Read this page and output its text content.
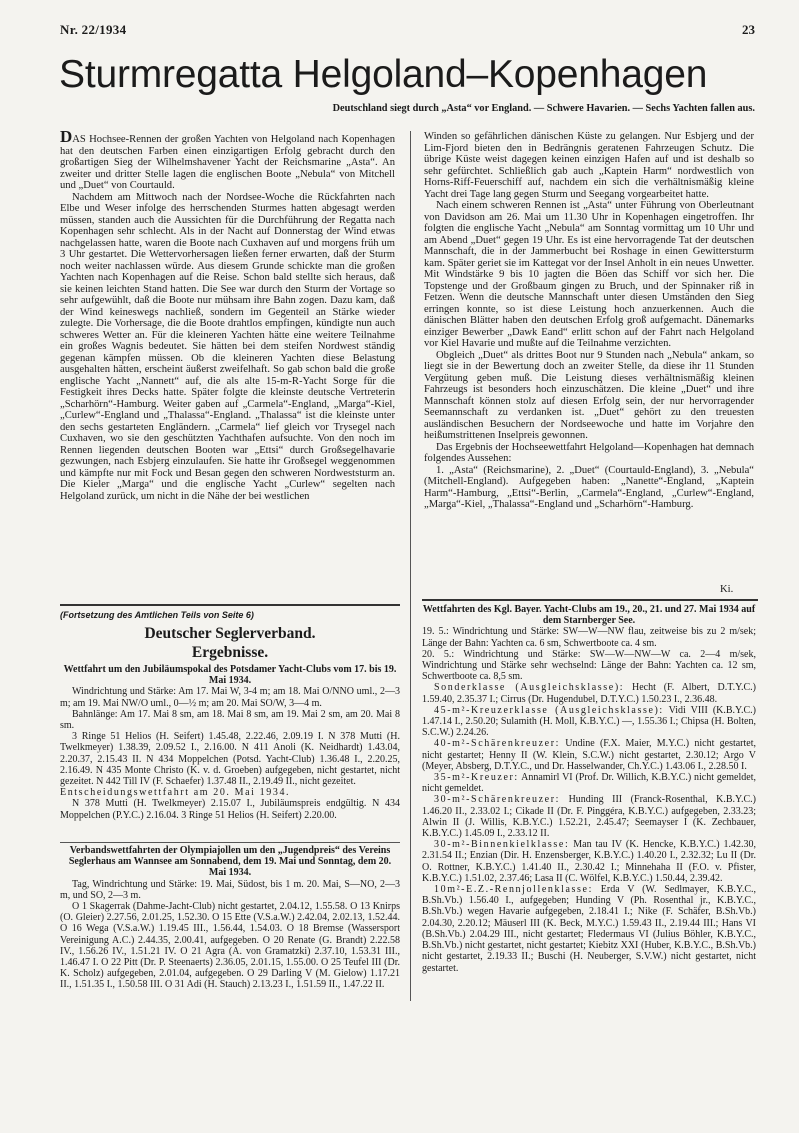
Nr. 22/1934	23
Sturmregatta Helgoland–Kopenhagen
Deutschland siegt durch „Asta“ vor England. — Schwere Havarien. — Sechs Yachten fallen aus.

DAS Hochsee-Rennen der großen Yachten von Helgoland nach Kopenhagen hat den deutschen Farben einen einzigartigen Erfolg gebracht durch den großartigen Sieg der Wilhelmshavener Yacht der Reichsmarine „Asta“. An zweiter und dritter Stelle lagen die englischen Boote „Nebula“ von Mitchell und „Duet“ von Courtauld.

Nachdem am Mittwoch nach der Nordsee-Woche die Rückfahrten nach Elbe und Weser infolge des herrschenden Sturmes hatten abgesagt werden müssen, standen auch die Aussichten für die Durchführung der Regatta nach Kopenhagen sehr schlecht. Als in der Nacht auf Donnerstag der Wind etwas nachgelassen hatte, waren die Boote nach Cuxhaven auf und morgens früh um 3 Uhr gestartet. Die Wettervorhersagen ließen ferner erwarten, daß der Sturm noch weiter nachlassen würde. Aus diesem Grunde schickte man die großen Yachten nach Kopenhagen auf die Reise. Schon bald stellte sich heraus, daß sie keinen leichten Stand hatten. Die See war durch den Sturm der Vortage so sehr aufgewühlt, daß die Boote nur mühsam ihre Bahn zogen. Dazu kam, daß der Wind keineswegs nachließ, sondern im Gegenteil an Stärke wieder zulegte. Die Vorhersage, die die Boote drahtlos empfingen, kündigte nun auch schweres Wetter an. Für die kleineren Yachten hätte eine weitere Teilnahme ein großes Wagnis bedeutet. Sie hätten bei dem steifen Nordwest ständig gegenan kämpfen müssen. Ob die kleineren Yachten diese Belastung ausgehalten hätten, erscheint äußerst zweifelhaft. So gab schon bald die große englische Yacht „Nannett“ auf, die als alte 15-m-R-Yacht Sorge für die Festigkeit ihres Decks hatte. Später folgte die kleinste deutsche Vertreterin „Scharhörn“-Hamburg. Weiter gaben auf „Carmela“-England, „Marga“-Kiel, „Curlew“-England und „Thalassa“-England. „Thalassa“ ist die kleinste unter den sechs gestarteten Engländern. „Carmela“ lief gleich vor Trysegel nach Cuxhaven, wo sie den geschützten Yachthafen aufsuchte. Von den noch im Rennen liegenden deutschen Booten war „Ettsi“ durch Großsegelhavarie gezwungen, nach Esbjerg einzulaufen. Sie hatte ihr Großsegel weggenommen und kämpfte nur mit Fock und Besan gegen den schweren Nordweststurm an. Die Kieler „Marga“ und die englische Yacht „Curlew“ segelten nach Helgoland zurück, um nicht in die Nähe der bei westlichen

Winden so gefährlichen dänischen Küste zu gelangen. Nur Esbjerg und der Lim-Fjord bieten den in Bedrängnis geratenen Fahrzeugen Schutz. Die übrige Küste weist dagegen keinen einzigen Hafen auf und ist deshalb so sehr gefürchtet. Schließlich gab auch „Kaptein Harm“ nordwestlich von Horns-Riff-Feuerschiff auf, nachdem ein sich die verhältnismäßig kleine Yacht drei Tage lang gegen Sturm und Seegang vorgearbeitet hatte.

Nach einem schweren Rennen ist „Asta“ unter Führung von Oberleutnant von Davidson am 26. Mai um 11.30 Uhr in Kopenhagen eingetroffen. Ihr folgten die englische Yacht „Nebula“ am Sonntag vormittag um 10 Uhr und am Abend „Duet“ gegen 19 Uhr. Es ist eine hervorragende Tat der deutschen Mannschaft, die in der Jammerbucht bei Roshage in einen Gewittersturm kam. Später geriet sie im Kattegat vor der Insel Anholt in ein neues Unwetter. Mit Windstärke 9 bis 10 jagten die Böen das Schiff vor sich her. Die Topstenge und der Großbaum gingen zu Bruch, und der Spinnaker riß in Fetzen. Wenn die deutsche Mannschaft unter diesen Umständen den Sieg erringen konnte, so ist diese Leistung hoch anzuerkennen. Auch die dänischen Blätter haben den deutschen Erfolg groß aufgemacht. Dänemarks einziger Bewerber „Dawk Eand“ erlitt schon auf der Fahrt nach Helgoland vor Kiel Havarie und mußte auf die Teilnahme verzichten.

Obgleich „Duet“ als drittes Boot nur 9 Stunden nach „Nebula“ ankam, so liegt sie in der Bewertung doch an zweiter Stelle, da diese ihr 11 Stunden Vergütung geben muß. Die Leistung dieses verhältnismäßig kleinen Fahrzeugs ist besonders hoch einzuschätzen. Die kleine „Duet“ und ihre Mannschaft können stolz auf diesen Erfolg sein, der nur hervorragender Seemannschaft zu verdanken ist. „Duet“ gehört zu den treuesten ausländischen Besuchern der Nordseewoche und hatte im Vorjahre den heißumstrittenen Inselpreis gewonnen.

Das Ergebnis der Hochseewettfahrt Helgoland—Kopenhagen hat demnach folgendes Aussehen:

1. „Asta“ (Reichsmarine), 2. „Duet“ (Courtauld-England), 3. „Nebula“ (Mitchell-England). Aufgegeben haben: „Nanette“-England, „Kaptein Harm“-Hamburg, „Ettsi“-Berlin, „Carmela“-England, „Curlew“-England, „Marga“-Kiel, „Thalassa“-England und „Scharhörn“-Hamburg.

Ki.
(Fortsetzung des Amtlichen Teils von Seite 6)
Deutscher Seglerverband.
Ergebnisse.

Wettfahrt um den Jubiläumspokal des Potsdamer Yacht-Clubs vom 17. bis 19. Mai 1934.

Windrichtung und Stärke: Am 17. Mai W, 3-4 m; am 18. Mai O/NNO uml., 2—3 m; am 19. Mai NW/O uml., 0—½ m; am 20. Mai SO/W, 3—4 m.

Bahnlänge: Am 17. Mai 8 sm, am 18. Mai 8 sm, am 19. Mai 2 sm, am 20. Mai 8 sm.

3 Ringe 51 Helios (H. Seifert) 1.45.48, 2.22.46, 2.09.19 I. N 378 Mutti (H. Twelkmeyer) 1.38.39, 2.09.52 I., 2.16.00. N 411 Anoli (K. Neidhardt) 1.43.04, 2.20.37, 2.15.43 II. N 434 Moppelchen (Potsd. Yacht-Club) 1.36.48 I., 2.20.25, 2.16.49. N 435 Monte Christo (K. v. d. Groeben) aufgegeben, nicht gestartet, nicht gezeitet. N 442 Till IV (F. Schaefer) 1.37.48 II., 2.19.49 II., nicht gezeitet.

Entscheidungswettfahrt am 20. Mai 1934.

N 378 Mutti (H. Twelkmeyer) 2.15.07 I., Jubiläumspreis endgültig. N 434 Moppelchen (P.Y.C.) 2.16.04. 3 Ringe 51 Helios (H. Seifert) 2.20.00.

Verbandswettfahrten der Olympiajollen um den „Jugendpreis“ des Vereins Seglerhaus am Wannsee am Sonnabend, dem 19. Mai und Sonntag, dem 20. Mai 1934.

Tag, Windrichtung und Stärke: 19. Mai, Südost, bis 1 m. 20. Mai, S—NO, 2—3 m, und SO, 2—3 m.

O 1 Skagerrak (Dahme-Jacht-Club) nicht gestartet, 2.04.12, 1.55.58. O 13 Knirps (O. Gleier) 2.27.56, 2.01.25, 1.52.30. O 15 Ette (V.S.a.W.) 2.42.04, 2.02.13, 1.52.44. O 16 Wega (V.S.a.W.) 1.19.45 III., 1.56.44, 1.54.03. O 18 Bremse (Wassersport Vereinigung A.C.) 2.44.35, 2.00.41, aufgegeben. O 20 Renate (G. Brandt) 2.22.58 IV., 1.56.26 IV., 1.51.21 IV. O 21 Agra (A. von Gramatzki) 2.37.10, 1.53.31 III., 1.46.47 I. O 22 Pitt (Dr. P. Steenaerts) 2.36.05, 2.01.15, 1.55.00. O 25 Teufel III (Dr. K. Scholz) aufgegeben, 2.01.04, aufgegeben. O 29 Darling V (M. Gielow) 1.17.21 II., 1.51.35 I., 1.50.58 III. O 31 Adi (H. Stauch) 2.13.23 I., 1.51.59 II., 1.47.22 II.

Wettfahrten des Kgl. Bayer. Yacht-Clubs am 19., 20., 21. und 27. Mai 1934 auf dem Starnberger See.

19. 5.: Windrichtung und Stärke: SW—W—NW flau, zeitweise bis zu 2 m/sek; Länge der Bahn: Yachten ca. 6 sm, Schwertboote ca. 4 sm.

20. 5.: Windrichtung und Stärke: SW—W—NW—W ca. 2—4 m/sek, Windrichtung und Stärke sehr wechselnd: Länge der Bahn: Yachten ca. 12 sm, Schwertboote ca. 8,5 sm.

Sonderklasse (Ausgleichsklasse): Hecht (F. Albert, D.T.Y.C.) 1.59.40, 2.35.37 I.; Cirrus (Dr. Hugendubel, D.T.Y.C.) 1.50.23 I., 2.36.48.

45-m²-Kreuzerklasse (Ausgleichsklasse): Vidi VIII (K.B.Y.C.) 1.47.14 I., 2.50.20; Sulamith (H. Moll, K.B.Y.C.) —, 1.55.36 I.; Chipsa (H. Bolten, S.C.W.) 2.24.26.

40-m²-Schärenkreuzer: Undine (F.X. Maier, M.Y.C.) nicht gestartet, nicht gestartet; Henny II (W. Klein, S.C.W.) nicht gestartet, 2.30.12; Argo V (Meyer, Absberg, D.T.Y.C., und Dr. Hasselwander, Ch.Y.C.) 1.43.06 I., 2.28.50 I.

35-m²-Kreuzer: Annamirl VI (Prof. Dr. Willich, K.B.Y.C.) nicht gemeldet, nicht gemeldet.

30-m²-Schärenkreuzer: Hunding III (Franck-Rosenthal, K.B.Y.C.) 1.46.20 II., 2.33.02 I.; Cikade II (Dr. F. Pinggéra, K.B.Y.C.) aufgegeben, 2.33.23; Alwin II (J. Willis, K.B.Y.C.) 1.52.21, 2.45.47; Seemayser I (K. Zechbauer, K.B.Y.C.) 1.45.09 I., 2.33.12 II.

30-m²-Binnenkielklasse: Man tau IV (K. Hencke, K.B.Y.C.) 1.42.30, 2.31.54 II.; Enzian (Dir. H. Enzensberger, K.B.Y.C.) 1.40.20 I., 2.32.32; Lu II (Dr. O. Rottner, K.B.Y.C.) 1.41.40 II., 2.30.42 I.; Minnehaha II (F.O. v. Pfister, K.B.Y.C.) 1.51.02, 2.37.46; Lasa II (C. Wölfel, K.B.Y.C.) 1.50.44, 2.39.42.

10m²-E.Z.-Rennjollenklasse: Erda V (W. Sedlmayer, K.B.Y.C., B.Sh.Vb.) 1.56.40 I., aufgegeben; Hunding V (Ph. Rosenthal jr., K.B.Y.C., B.Sh.Vb.) wegen Havarie aufgegeben, 2.18.41 I.; Nike (F. Schäfer, B.Sh.Vb.) 2.04.30, 2.20.12; Mäuserl III (K. Beck, M.Y.C.) 1.59.43 II., 2.19.44 III.; Hans VI (B.Sh.Vb.) 2.04.29 III., nicht gestartet; Fledermaus VI (Julius Böhler, K.B.Y.C., B.Sh.Vb.) nicht gestartet, nicht gestartet; Kiebitz XXI (Huber, K.B.Y.C., B.Sh.Vb.) nicht gestartet, 2.19.33 II.; Buschi (H. Neuberger, S.V.W.) nicht gestartet, nicht gestartet.
